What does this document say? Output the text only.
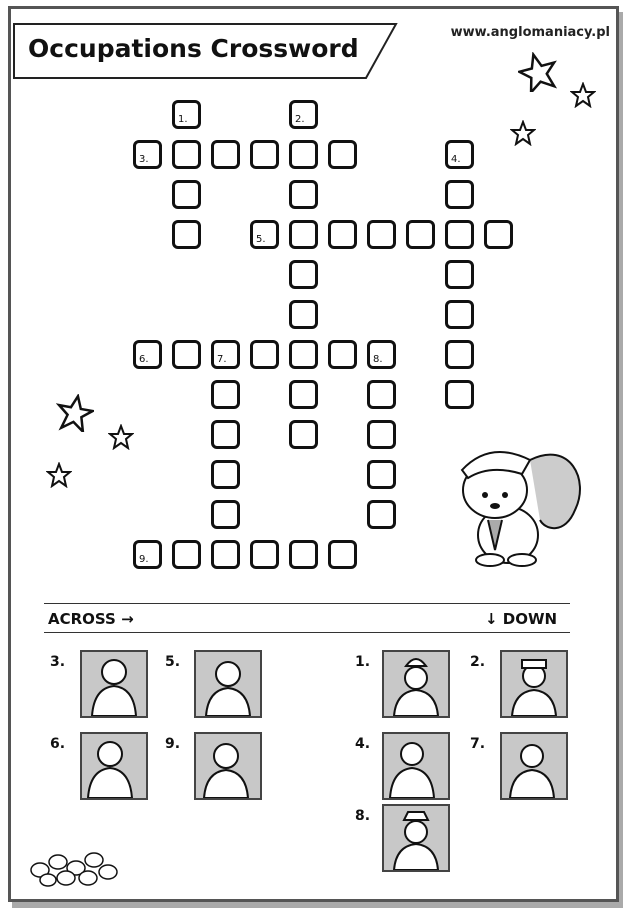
Occupations Crossword
www.anglomaniacy.pl
1.	2.
3.	4.
5.
6.	7.	8.
9.
ACROSS →	↓ DOWN
3.	5.
6.	9.
1.	2.
4.	7.
8.
